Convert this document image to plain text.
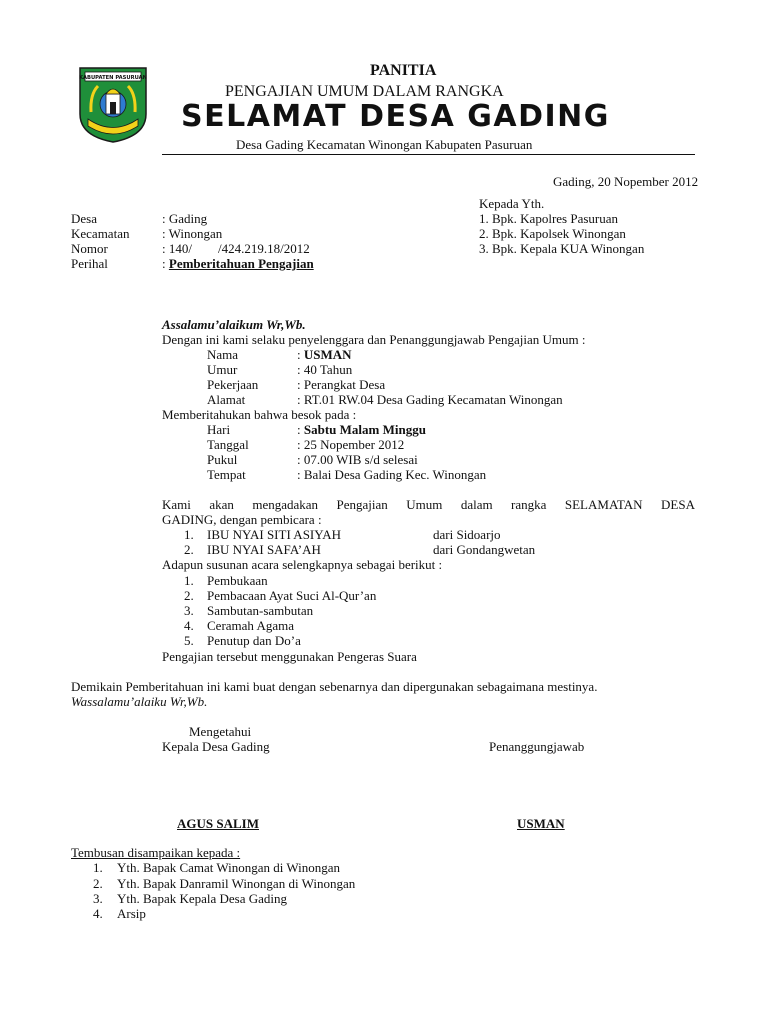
KABUPATEN PASURUAN	PANITIA
PENGAJIAN UMUM DALAM RANGKA
SELAMAT DESA GADING
Desa Gading Kecamatan Winongan Kabupaten Pasuruan
Gading, 20 Nopember 2012
Kepada Yth.
1. Bpk. Kapolres Pasuruan
2. Bpk. Kapolsek Winongan
3. Bpk. Kepala KUA Winongan
Desa	: Gading
Kecamatan	: Winongan
Nomor	: 140/        /424.219.18/2012
Perihal	: Pemberitahuan Pengajian
Assalamu’alaikum Wr,Wb.
Dengan ini kami selaku penyelenggara dan Penanggungjawab Pengajian Umum :
Nama	: USMAN
Umur	: 40 Tahun
Pekerjaan	: Perangkat Desa
Alamat	: RT.01 RW.04 Desa Gading Kecamatan Winongan
Memberitahukan bahwa besok pada :
Hari	: Sabtu Malam Minggu
Tanggal	: 25 Nopember 2012
Pukul	: 07.00 WIB s/d selesai
Tempat	: Balai Desa Gading Kec. Winongan
Kami akan mengadakan Pengajian Umum dalam rangka SELAMATAN DESA
GADING, dengan pembicara :
1. IBU NYAI SITI ASIYAH	dari Sidoarjo
2. IBU NYAI SAFA’AH	dari Gondangwetan
Adapun susunan acara selengkapnya sebagai berikut :
1. Pembukaan
2. Pembacaan Ayat Suci Al-Qur’an
3. Sambutan-sambutan
4. Ceramah Agama
5. Penutup dan Do’a
Pengajian tersebut menggunakan Pengeras Suara
Demikain Pemberitahuan ini kami buat dengan sebenarnya dan dipergunakan sebagaimana mestinya.
Wassalamu’alaiku Wr,Wb.
Mengetahui
Kepala Desa Gading	Penanggungjawab
AGUS SALIM	USMAN
Tembusan disampaikan kepada :
1. Yth. Bapak Camat Winongan di Winongan
2. Yth. Bapak Danramil Winongan di Winongan
3. Yth. Bapak Kepala Desa Gading
4. Arsip
